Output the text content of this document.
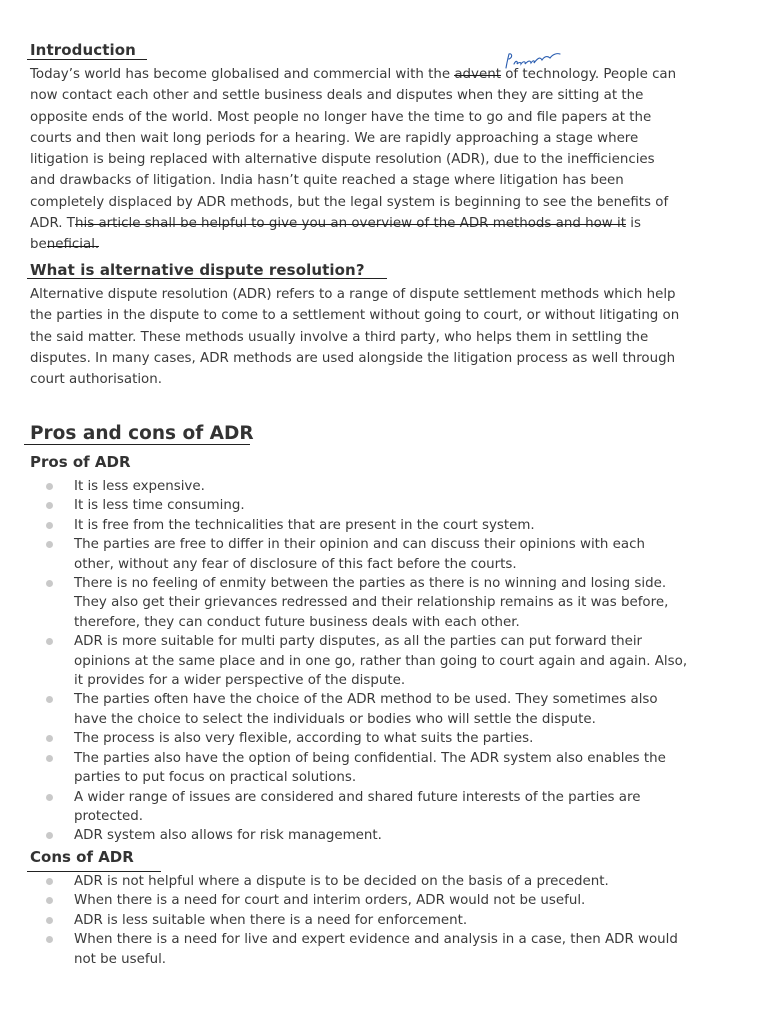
Introduction
Today’s world has become globalised and commercial with the advent of technology. People can
now contact each other and settle business deals and disputes when they are sitting at the
opposite ends of the world. Most people no longer have the time to go and file papers at the
courts and then wait long periods for a hearing. We are rapidly approaching a stage where
litigation is being replaced with alternative dispute resolution (ADR), due to the inefficiencies
and drawbacks of litigation. India hasn’t quite reached a stage where litigation has been
completely displaced by ADR methods, but the legal system is beginning to see the benefits of
ADR. This article shall be helpful to give you an overview of the ADR methods and how it is
beneficial.
What is alternative dispute resolution?
Alternative dispute resolution (ADR) refers to a range of dispute settlement methods which help
the parties in the dispute to come to a settlement without going to court, or without litigating on
the said matter. These methods usually involve a third party, who helps them in settling the
disputes. In many cases, ADR methods are used alongside the litigation process as well through
court authorisation.
Pros and cons of ADR
Pros of ADR
It is less expensive.
It is less time consuming.
It is free from the technicalities that are present in the court system.
The parties are free to differ in their opinion and can discuss their opinions with each
other, without any fear of disclosure of this fact before the courts.
There is no feeling of enmity between the parties as there is no winning and losing side.
They also get their grievances redressed and their relationship remains as it was before,
therefore, they can conduct future business deals with each other.
ADR is more suitable for multi party disputes, as all the parties can put forward their
opinions at the same place and in one go, rather than going to court again and again. Also,
it provides for a wider perspective of the dispute.
The parties often have the choice of the ADR method to be used. They sometimes also
have the choice to select the individuals or bodies who will settle the dispute.
The process is also very flexible, according to what suits the parties.
The parties also have the option of being confidential. The ADR system also enables the
parties to put focus on practical solutions.
A wider range of issues are considered and shared future interests of the parties are
protected.
ADR system also allows for risk management.
Cons of ADR
ADR is not helpful where a dispute is to be decided on the basis of a precedent.
When there is a need for court and interim orders, ADR would not be useful.
ADR is less suitable when there is a need for enforcement.
When there is a need for live and expert evidence and analysis in a case, then ADR would
not be useful.
